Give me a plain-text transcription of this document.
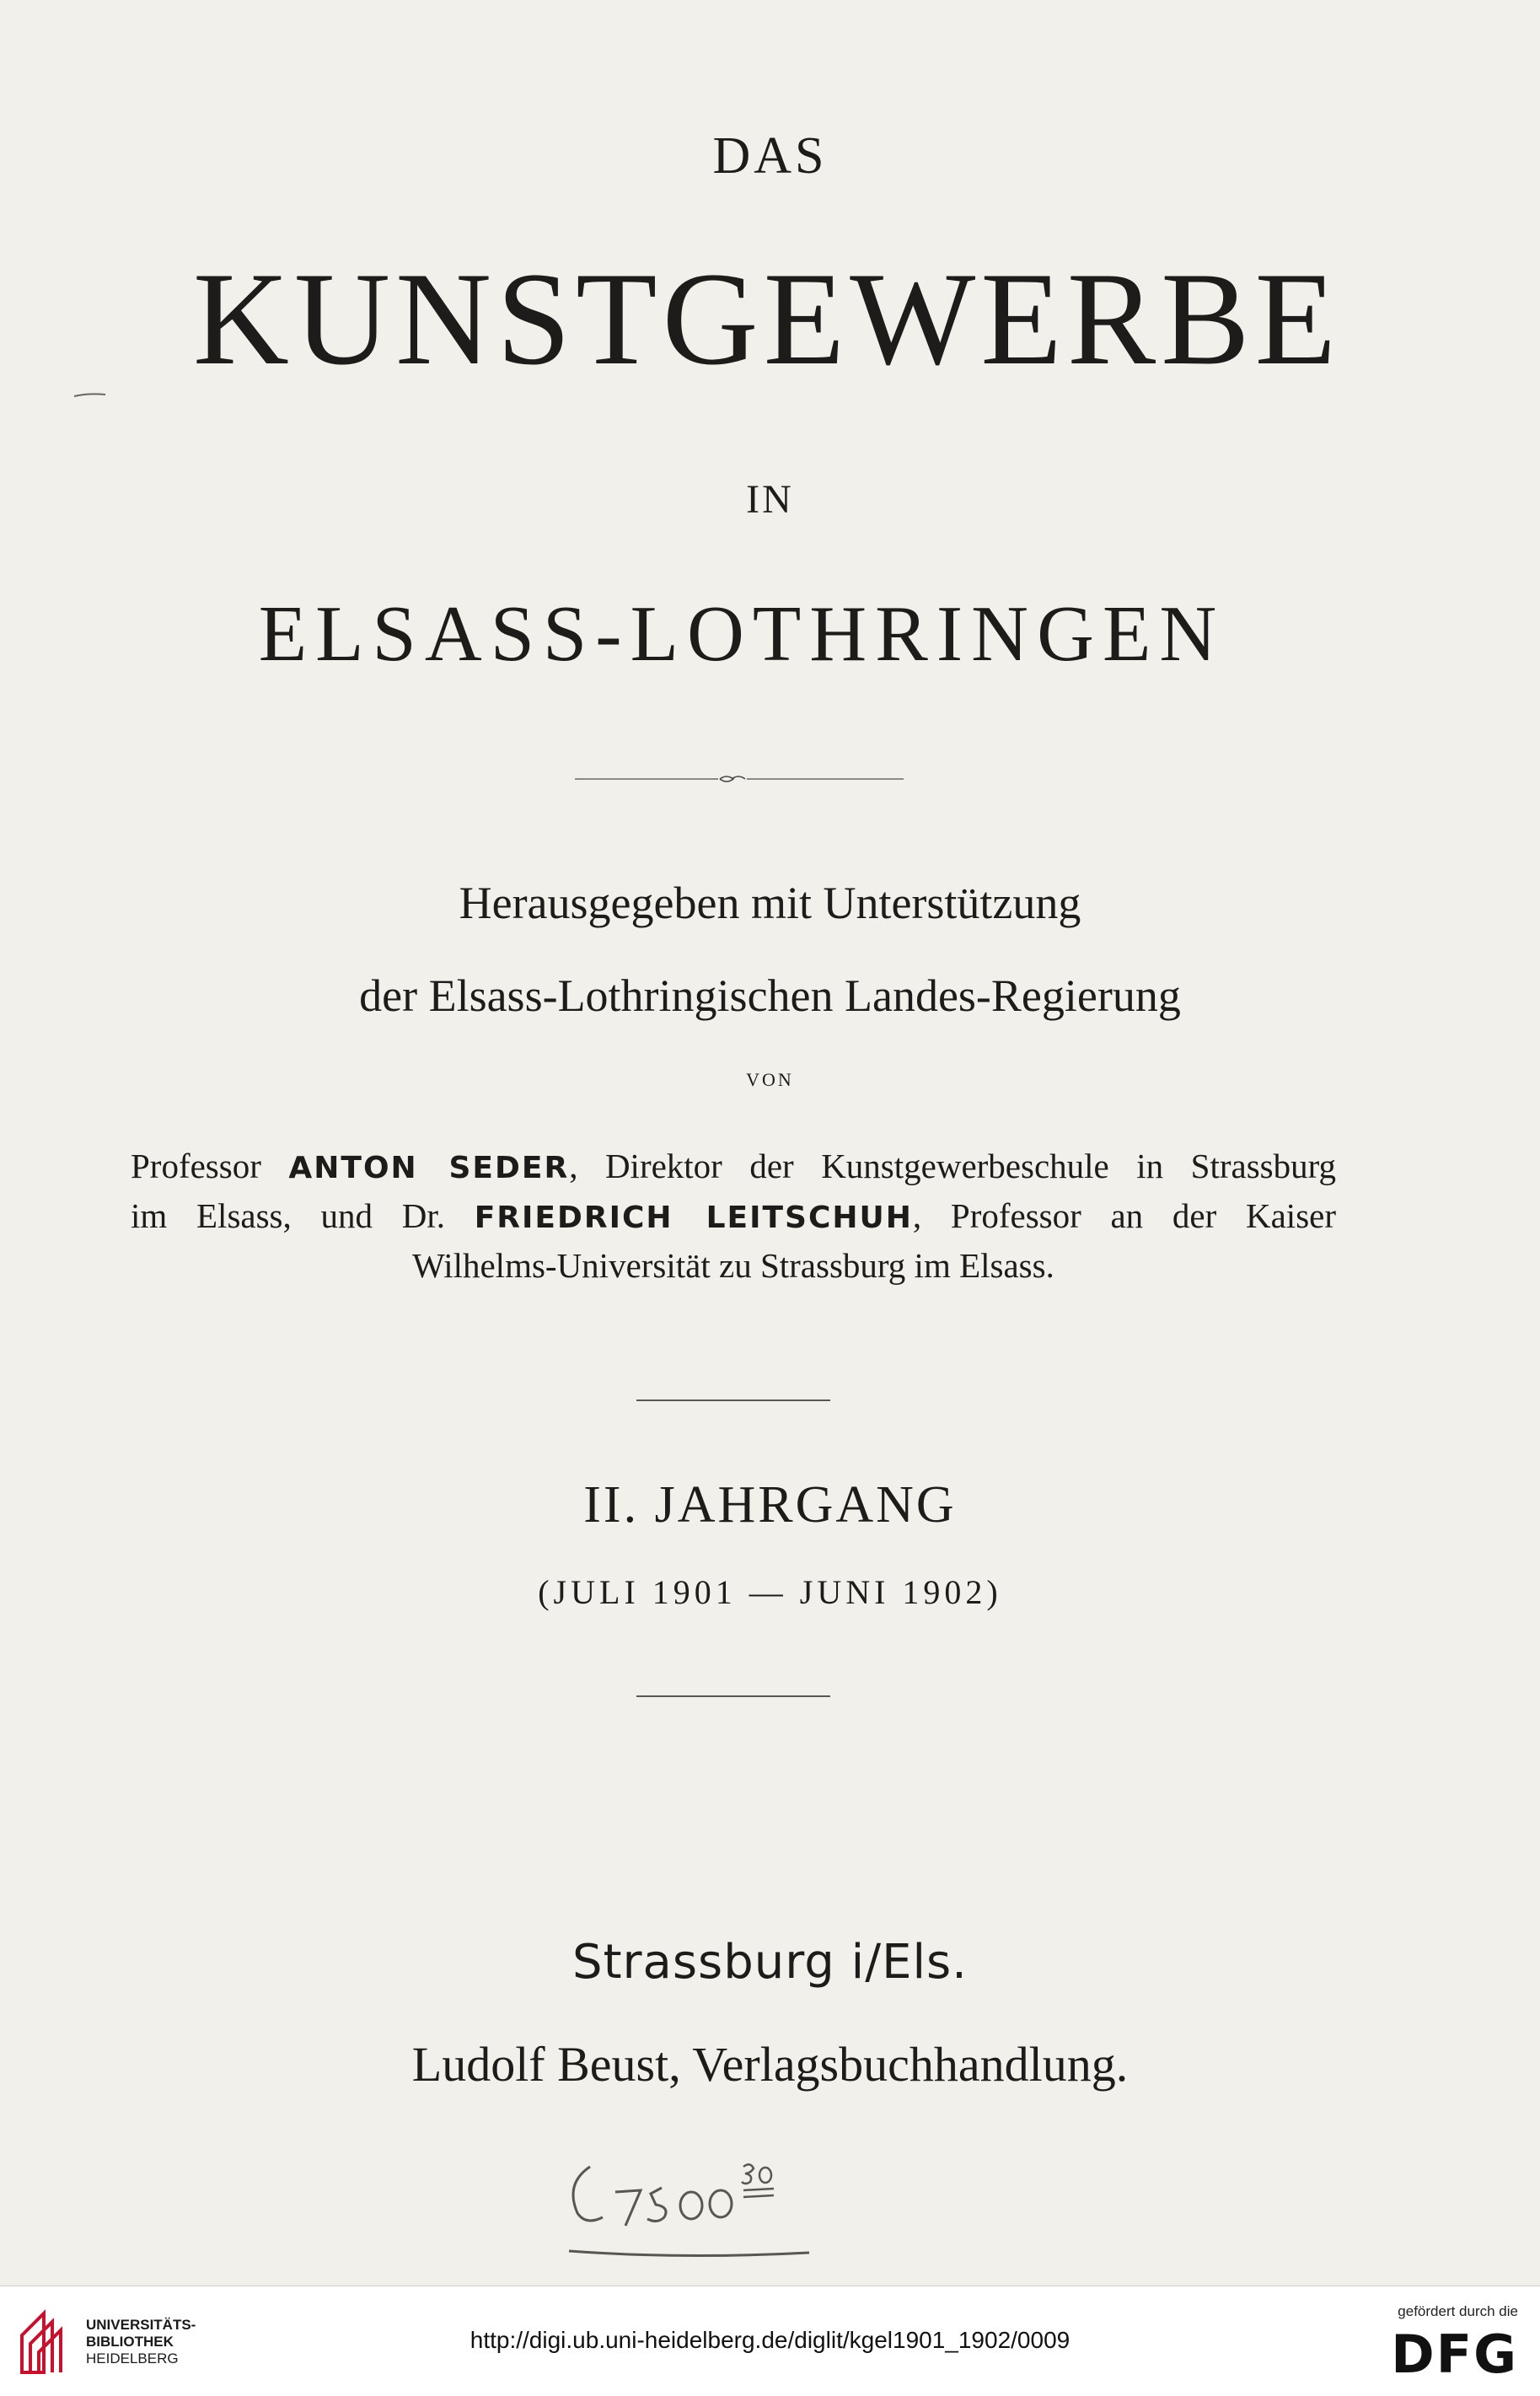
DAS
KUNSTGEWERBE
IN
ELSASS-LOTHRINGEN
Herausgegeben mit Unterstützung
der Elsass-Lothringischen Landes-Regierung
VON
Professor ANTON SEDER, Direktor der Kunstgewerbeschule in Strassburg
im Elsass, und Dr. FRIEDRICH LEITSCHUH, Professor an der Kaiser
Wilhelms-Universität zu Strassburg im Elsass.
II. JAHRGANG
(JULI 1901 — JUNI 1902)
Strassburg i/Els.
Ludolf Beust, Verlagsbuchhandlung.
UNIVERSITÄTS-
BIBLIOTHEK
HEIDELBERG
http://digi.ub.uni-heidelberg.de/diglit/kgel1901_1902/0009
gefördert durch die
DFG
